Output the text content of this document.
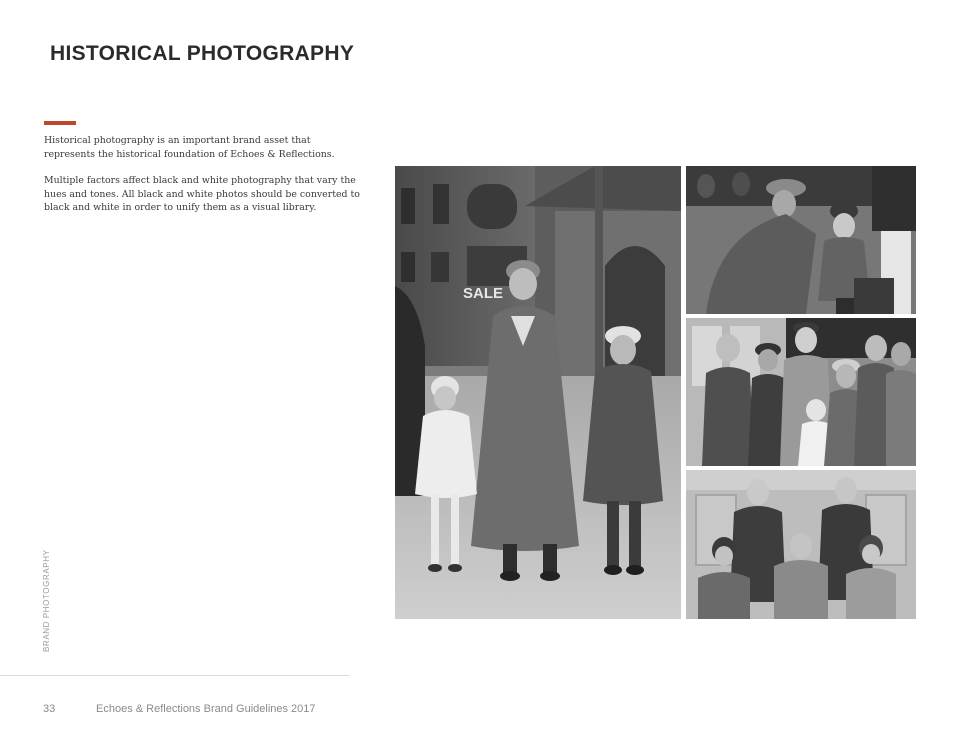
HISTORICAL PHOTOGRAPHY

Historical photography is an important brand asset that represents the historical foundation of Echoes & Reflections.

Multiple factors affect black and white photography that vary the hues and tones. All black and white photos should be converted to black and white in order to unify them as a visual library.

BRAND PHOTOGRAPHY
33	Echoes & Reflections Brand Guidelines 2017
SALE
